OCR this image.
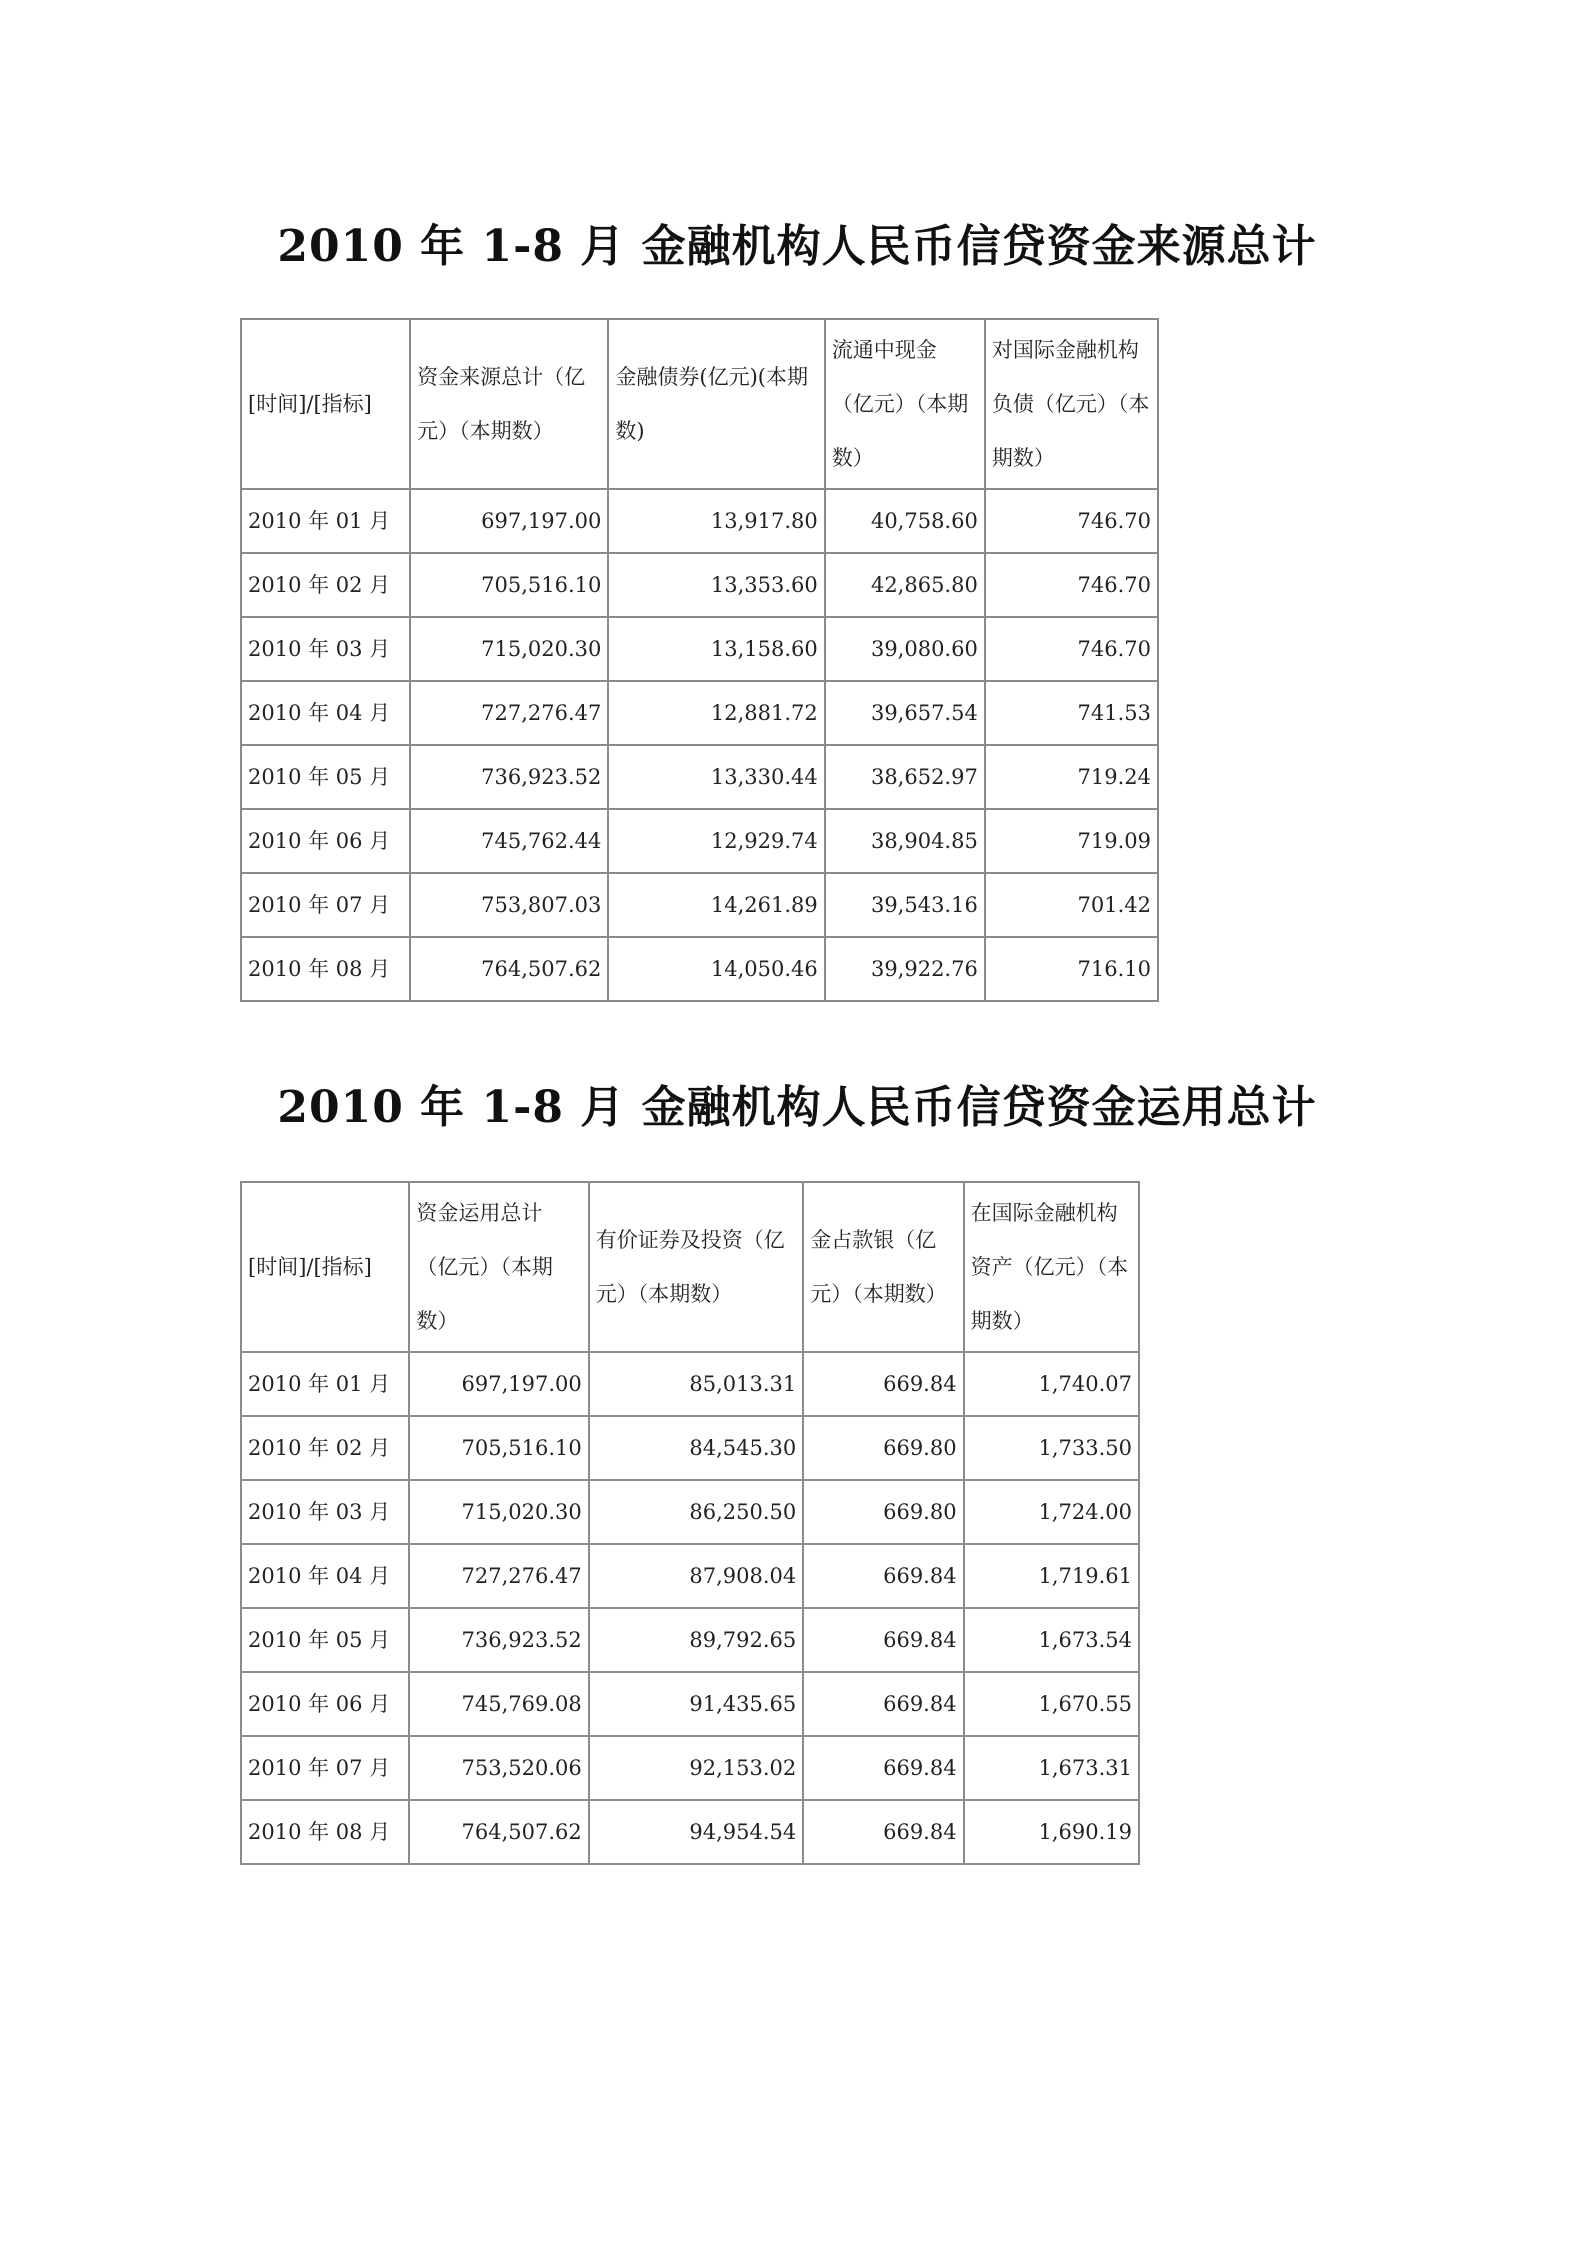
2010 年 1-8 月 金融机构人民币信贷资金来源总计
[时间]/[指标]	资金来源总计（亿元）（本期数）	金融债券(亿元)(本期数)	流通中现金（亿元）（本期数）	对国际金融机构负债（亿元）（本期数）
2010 年 01 月	697,197.00	13,917.80	40,758.60	746.70
2010 年 02 月	705,516.10	13,353.60	42,865.80	746.70
2010 年 03 月	715,020.30	13,158.60	39,080.60	746.70
2010 年 04 月	727,276.47	12,881.72	39,657.54	741.53
2010 年 05 月	736,923.52	13,330.44	38,652.97	719.24
2010 年 06 月	745,762.44	12,929.74	38,904.85	719.09
2010 年 07 月	753,807.03	14,261.89	39,543.16	701.42
2010 年 08 月	764,507.62	14,050.46	39,922.76	716.10
2010 年 1-8 月 金融机构人民币信贷资金运用总计
[时间]/[指标]	资金运用总计（亿元）（本期数）	有价证券及投资（亿元）（本期数）	金占款银（亿元）（本期数）	在国际金融机构资产（亿元）（本期数）
2010 年 01 月	697,197.00	85,013.31	669.84	1,740.07
2010 年 02 月	705,516.10	84,545.30	669.80	1,733.50
2010 年 03 月	715,020.30	86,250.50	669.80	1,724.00
2010 年 04 月	727,276.47	87,908.04	669.84	1,719.61
2010 年 05 月	736,923.52	89,792.65	669.84	1,673.54
2010 年 06 月	745,769.08	91,435.65	669.84	1,670.55
2010 年 07 月	753,520.06	92,153.02	669.84	1,673.31
2010 年 08 月	764,507.62	94,954.54	669.84	1,690.19
